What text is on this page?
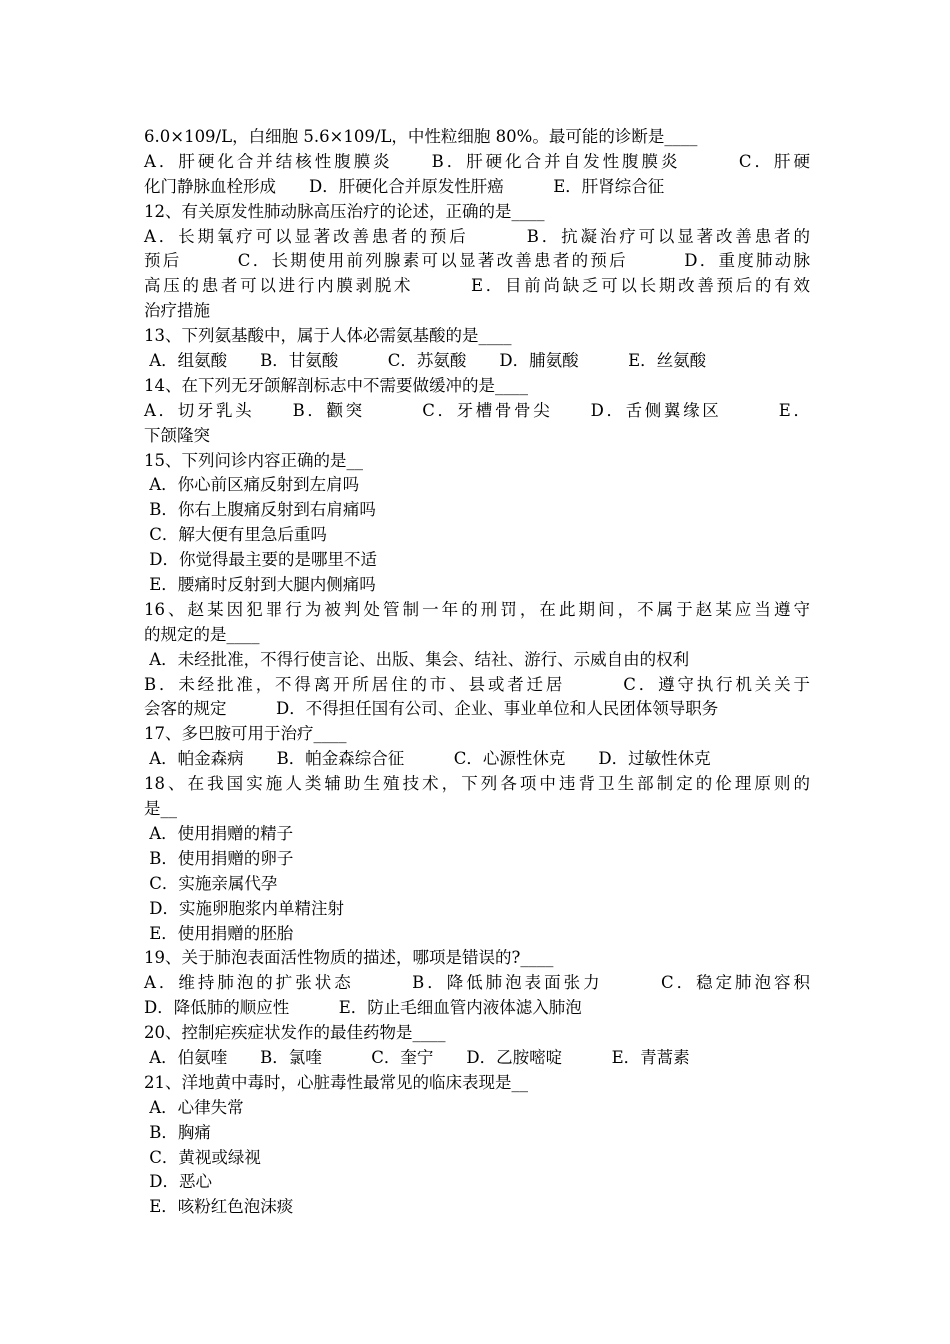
6.0×109/L，白细胞 5.6×109/L，中性粒细胞 80%。最可能的诊断是____
A．肝硬化合并结核性腹膜炎　　B．肝硬化合并自发性腹膜炎　　　C．肝硬
化门静脉血栓形成　　D．肝硬化合并原发性肝癌　　　E．肝肾综合征
12、有关原发性肺动脉高压治疗的论述，正确的是____
A．长期氧疗可以显著改善患者的预后　　　B．抗凝治疗可以显著改善患者的
预后　　　C．长期使用前列腺素可以显著改善患者的预后　　　D．重度肺动脉
高压的患者可以进行内膜剥脱术　　　E．目前尚缺乏可以长期改善预后的有效
治疗措施
13、下列氨基酸中，属于人体必需氨基酸的是____
A．组氨酸　　B．甘氨酸　　　C．苏氨酸　　D．脯氨酸　　　E．丝氨酸
14、在下列无牙颌解剖标志中不需要做缓冲的是____
A．切牙乳头　　B．颧突　　　C．牙槽骨骨尖　　D．舌侧翼缘区　　　E．
下颌隆突
15、下列问诊内容正确的是__
A．你心前区痛反射到左肩吗
B．你右上腹痛反射到右肩痛吗
C．解大便有里急后重吗
D．你觉得最主要的是哪里不适
E．腰痛时反射到大腿内侧痛吗
16、赵某因犯罪行为被判处管制一年的刑罚，在此期间，不属于赵某应当遵守
的规定的是____
A．未经批准，不得行使言论、出版、集会、结社、游行、示威自由的权利
B．未经批准，不得离开所居住的市、县或者迁居　　　C．遵守执行机关关于
会客的规定　　　D．不得担任国有公司、企业、事业单位和人民团体领导职务
17、多巴胺可用于治疗____
A．帕金森病　　B．帕金森综合征　　　C．心源性休克　　D．过敏性休克
18、在我国实施人类辅助生殖技术，下列各项中违背卫生部制定的伦理原则的
是__
A．使用捐赠的精子
B．使用捐赠的卵子
C．实施亲属代孕
D．实施卵胞浆内单精注射
E．使用捐赠的胚胎
19、关于肺泡表面活性物质的描述，哪项是错误的?____
A．维持肺泡的扩张状态　　　B．降低肺泡表面张力　　　C．稳定肺泡容积
D．降低肺的顺应性　　　E．防止毛细血管内液体滤入肺泡
20、控制疟疾症状发作的最佳药物是____
A．伯氨喹　　B．氯喹　　　C．奎宁　　D．乙胺嘧啶　　　E．青蒿素
21、洋地黄中毒时，心脏毒性最常见的临床表现是__
A．心律失常
B．胸痛
C．黄视或绿视
D．恶心
E．咳粉红色泡沫痰
